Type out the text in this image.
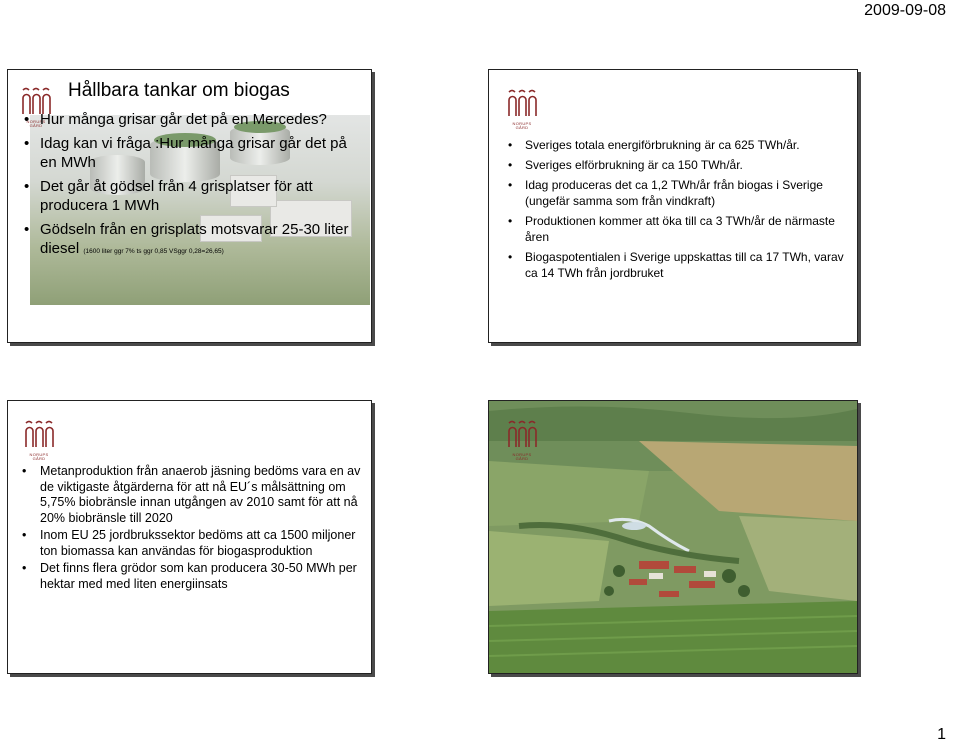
2009-09-08
NORUPS GÅRD
Hållbara tankar om biogas
• Hur många grisar går det på en Mercedes?
• Idag kan vi fråga :Hur många grisar går det på en MWh
• Det går åt gödsel från 4 grisplatser för att producera 1 MWh
• Gödseln från en grisplats motsvarar 25-30 liter diesel (1600 liter ggr 7% ts ggr 0,85 VSggr 0,28=26,65)
NORUPS GÅRD
• Sveriges totala energiförbrukning är ca 625 TWh/år.
• Sveriges elförbrukning är ca 150 TWh/år.
• Idag produceras det ca 1,2 TWh/år från biogas i Sverige (ungefär samma som från vindkraft)
• Produktionen kommer att öka till ca 3 TWh/år de närmaste åren
• Biogaspotentialen i Sverige uppskattas till ca 17 TWh, varav ca 14 TWh från jordbruket
NORUPS GÅRD
• Metanproduktion från anaerob jäsning bedöms vara en av de viktigaste åtgärderna för att nå EU´s målsättning om 5,75% biobränsle innan utgången av 2010 samt för att nå 20% biobränsle till 2020
• Inom EU 25 jordbrukssektor bedöms att ca 1500 miljoner ton biomassa kan användas för biogasproduktion
• Det finns flera grödor som kan producera 30-50 MWh per hektar med med liten energiinsats
NORUPS GÅRD
1
